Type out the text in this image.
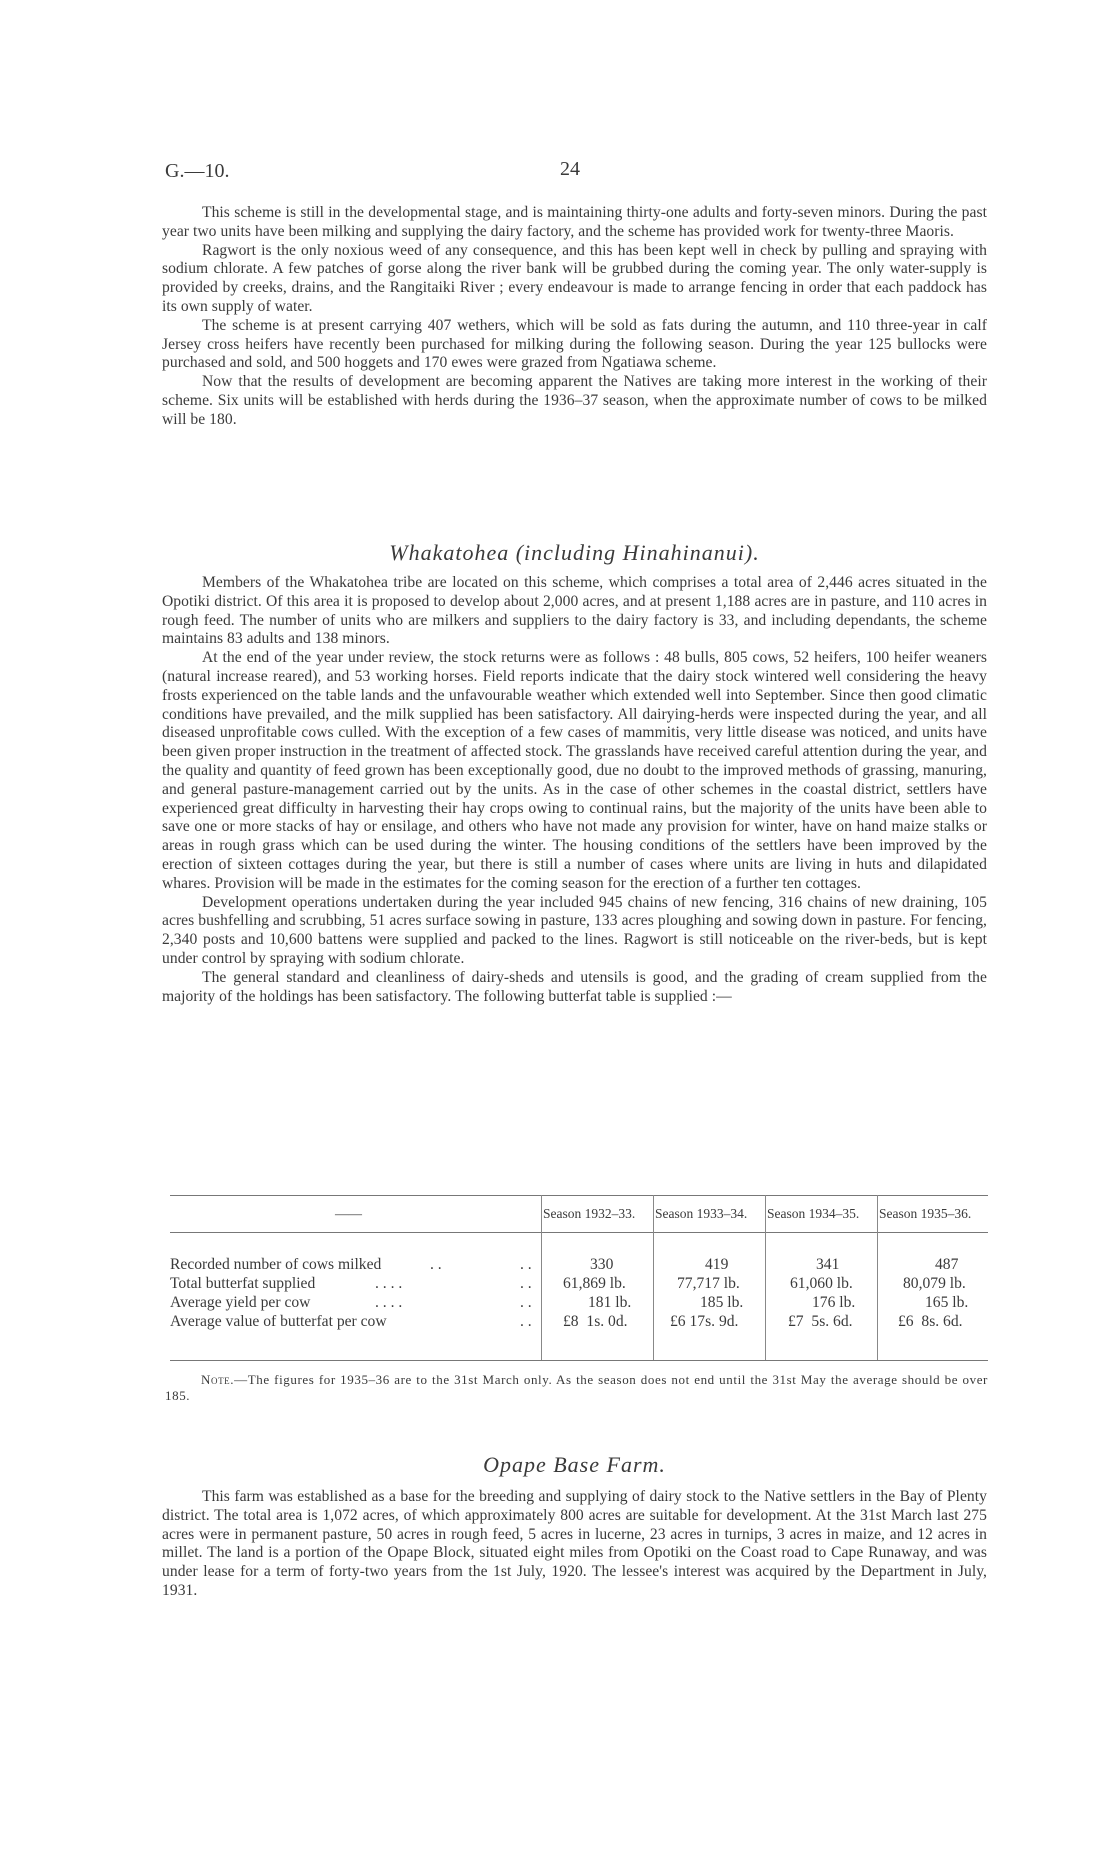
G.—10.	24

This scheme is still in the developmental stage, and is maintaining thirty-one adults and forty-seven minors. During the past year two units have been milking and supplying the dairy factory, and the scheme has provided work for twenty-three Maoris.

Ragwort is the only noxious weed of any consequence, and this has been kept well in check by pulling and spraying with sodium chlorate. A few patches of gorse along the river bank will be grubbed during the coming year. The only water-supply is provided by creeks, drains, and the Rangitaiki River ; every endeavour is made to arrange fencing in order that each paddock has its own supply of water.

The scheme is at present carrying 407 wethers, which will be sold as fats during the autumn, and 110 three-year in calf Jersey cross heifers have recently been purchased for milking during the following season. During the year 125 bullocks were purchased and sold, and 500 hoggets and 170 ewes were grazed from Ngatiawa scheme.

Now that the results of development are becoming apparent the Natives are taking more interest in the working of their scheme. Six units will be established with herds during the 1936–37 season, when the approximate number of cows to be milked will be 180.

Whakatohea (including Hinahinanui).

Members of the Whakatohea tribe are located on this scheme, which comprises a total area of 2,446 acres situated in the Opotiki district. Of this area it is proposed to develop about 2,000 acres, and at present 1,188 acres are in pasture, and 110 acres in rough feed. The number of units who are milkers and suppliers to the dairy factory is 33, and including dependants, the scheme maintains 83 adults and 138 minors.

At the end of the year under review, the stock returns were as follows : 48 bulls, 805 cows, 52 heifers, 100 heifer weaners (natural increase reared), and 53 working horses. Field reports indicate that the dairy stock wintered well considering the heavy frosts experienced on the table lands and the unfavourable weather which extended well into September. Since then good climatic conditions have prevailed, and the milk supplied has been satisfactory. All dairying-herds were inspected during the year, and all diseased unprofitable cows culled. With the exception of a few cases of mammitis, very little disease was noticed, and units have been given proper instruction in the treatment of affected stock. The grasslands have received careful attention during the year, and the quality and quantity of feed grown has been exceptionally good, due no doubt to the improved methods of grassing, manuring, and general pasture-management carried out by the units. As in the case of other schemes in the coastal district, settlers have experienced great difficulty in harvesting their hay crops owing to continual rains, but the majority of the units have been able to save one or more stacks of hay or ensilage, and others who have not made any provision for winter, have on hand maize stalks or areas in rough grass which can be used during the winter. The housing conditions of the settlers have been improved by the erection of sixteen cottages during the year, but there is still a number of cases where units are living in huts and dilapidated whares. Provision will be made in the estimates for the coming season for the erection of a further ten cottages.

Development operations undertaken during the year included 945 chains of new fencing, 316 chains of new draining, 105 acres bushfelling and scrubbing, 51 acres surface sowing in pasture, 133 acres ploughing and sowing down in pasture. For fencing, 2,340 posts and 10,600 battens were supplied and packed to the lines. Ragwort is still noticeable on the river-beds, but is kept under control by spraying with sodium chlorate.

The general standard and cleanliness of dairy-sheds and utensils is good, and the grading of cream supplied from the majority of the holdings has been satisfactory. The following butterfat table is supplied :—

——	Season 1932–33. Season 1933–34. Season 1934–35. Season 1935–36.
Recorded number of cows milked	. .	. .	330	419	341	487
Total butterfat supplied	. . . .	. . 61,869 lb.	77,717 lb.	61,060 lb.	80,079 lb.
Average yield per cow	. . . .	. .	181 lb.	185 lb.	176 lb.	165 lb.
Average value of butterfat per cow	. . £8  1s. 0d.	£6 17s. 9d.	£7  5s. 6d.	£6  8s. 6d.

Note.—The figures for 1935–36 are to the 31st March only. As the season does not end until the 31st May the average should be over 185.

Opape Base Farm.

This farm was established as a base for the breeding and supplying of dairy stock to the Native settlers in the Bay of Plenty district. The total area is 1,072 acres, of which approximately 800 acres are suitable for development. At the 31st March last 275 acres were in permanent pasture, 50 acres in rough feed, 5 acres in lucerne, 23 acres in turnips, 3 acres in maize, and 12 acres in millet. The land is a portion of the Opape Block, situated eight miles from Opotiki on the Coast road to Cape Runaway, and was under lease for a term of forty-two years from the 1st July, 1920. The lessee's interest was acquired by the Department in July, 1931.
